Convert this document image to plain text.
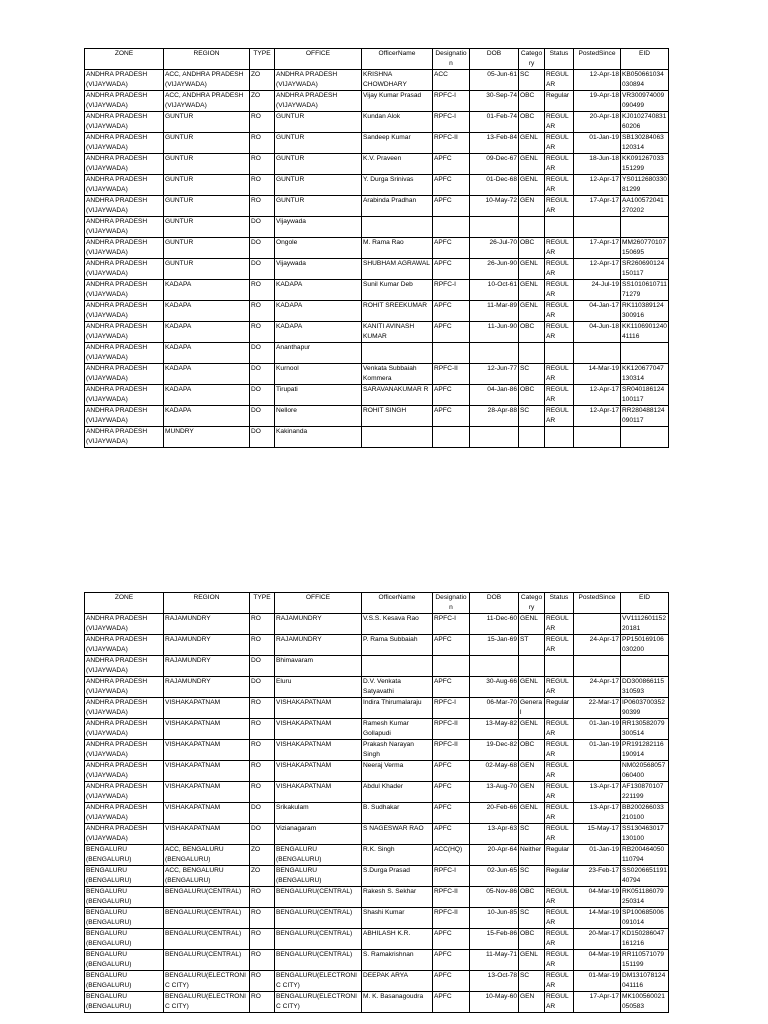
ZONE	REGION	TYPE	OFFICE	OfficerName	Designation	DOB	Category	Status	PostedSince	EID
ANDHRA PRADESH (VIJAYWADA)	ACC, ANDHRA PRADESH (VIJAYWADA)	ZO	ANDHRA PRADESH (VIJAYWADA)	KRISHNA CHOWDHARY	ACC	05-Jun-61	SC	REGULAR	12-Apr-18	KB050661034030894
ANDHRA PRADESH (VIJAYWADA)	ACC, ANDHRA PRADESH (VIJAYWADA)	ZO	ANDHRA PRADESH (VIJAYWADA)	Vijay Kumar Prasad	RPFC-I	30-Sep-74	OBC	Regular	19-Apr-18	VR300974009090499
ANDHRA PRADESH (VIJAYWADA)	GUNTUR	RO	GUNTUR	Kundan Alok	RPFC-I	01-Feb-74	OBC	REGULAR	20-Apr-18	KJ010274083160206
ANDHRA PRADESH (VIJAYWADA)	GUNTUR	RO	GUNTUR	Sandeep Kumar	RPFC-II	13-Feb-84	GENL	REGULAR	01-Jan-19	SB130284063120314
ANDHRA PRADESH (VIJAYWADA)	GUNTUR	RO	GUNTUR	K.V. Praveen	APFC	09-Dec-67	GENL	REGULAR	18-Jun-18	KK091267033151299
ANDHRA PRADESH (VIJAYWADA)	GUNTUR	RO	GUNTUR	Y. Durga Srinivas	APFC	01-Dec-68	GENL	REGULAR	12-Apr-17	YS011268033081299
ANDHRA PRADESH (VIJAYWADA)	GUNTUR	RO	GUNTUR	Arabinda Pradhan	APFC	10-May-72	GEN	REGULAR	17-Apr-17	AA100572041270202
ANDHRA PRADESH (VIJAYWADA)	GUNTUR	DO	Vijaywada							
ANDHRA PRADESH (VIJAYWADA)	GUNTUR	DO	Ongole	M. Rama Rao	APFC	26-Jul-70	OBC	REGULAR	17-Apr-17	MM260770107150695
ANDHRA PRADESH (VIJAYWADA)	GUNTUR	DO	Vijaywada	SHUBHAM AGRAWAL	APFC	26-Jun-90	GENL	REGULAR	12-Apr-17	SR260690124150117
ANDHRA PRADESH (VIJAYWADA)	KADAPA	RO	KADAPA	Sunil Kumar Deb	RPFC-I	10-Oct-61	GENL	REGULAR	24-Jul-19	SS101061071171279
ANDHRA PRADESH (VIJAYWADA)	KADAPA	RO	KADAPA	ROHIT SREEKUMAR	APFC	11-Mar-89	GENL	REGULAR	04-Jan-17	RK110389124300916
ANDHRA PRADESH (VIJAYWADA)	KADAPA	RO	KADAPA	KANITI AVINASH KUMAR	APFC	11-Jun-90	OBC	REGULAR	04-Jun-18	KK110690124041116
ANDHRA PRADESH (VIJAYWADA)	KADAPA	DO	Ananthapur							
ANDHRA PRADESH (VIJAYWADA)	KADAPA	DO	Kurnool	Venkata Subbaiah Kommera	RPFC-II	12-Jun-77	SC	REGULAR	14-Mar-19	KK120677047130314
ANDHRA PRADESH (VIJAYWADA)	KADAPA	DO	Tirupati	SARAVANAKUMAR R	APFC	04-Jan-86	OBC	REGULAR	12-Apr-17	SR040186124100117
ANDHRA PRADESH (VIJAYWADA)	KADAPA	DO	Nellore	ROHIT SINGH	APFC	28-Apr-88	SC	REGULAR	12-Apr-17	RR280488124090117
ANDHRA PRADESH (VIJAYWADA)	MUNDRY	DO	Kakinanda							
ZONE	REGION	TYPE	OFFICE	OfficerName	Designation	DOB	Category	Status	PostedSince	EID
ANDHRA PRADESH (VIJAYWADA)	RAJAMUNDRY	RO	RAJAMUNDRY	V.S.S. Kesava Rao	RPFC-I	11-Dec-60	GENL	REGULAR		VV111260115220181
ANDHRA PRADESH (VIJAYWADA)	RAJAMUNDRY	RO	RAJAMUNDRY	P. Rama Subbaiah	APFC	15-Jan-69	ST	REGULAR	24-Apr-17	PP150169106030200
ANDHRA PRADESH (VIJAYWADA)	RAJAMUNDRY	DO	Bhimavaram							
ANDHRA PRADESH (VIJAYWADA)	RAJAMUNDRY	DO	Eluru	D.V. Venkata Satyavathi	APFC	30-Aug-66	GENL	REGULAR	24-Apr-17	DD300866115310593
ANDHRA PRADESH (VIJAYWADA)	VISHAKAPATNAM	RO	VISHAKAPATNAM	Indira Thirumalaraju	RPFC-I	06-Mar-70	General	Regular	22-Mar-17	IP060370035290399
ANDHRA PRADESH (VIJAYWADA)	VISHAKAPATNAM	RO	VISHAKAPATNAM	Ramesh Kumar Gollapudi	RPFC-II	13-May-82	GENL	REGULAR	01-Jan-19	RR130582079300514
ANDHRA PRADESH (VIJAYWADA)	VISHAKAPATNAM	RO	VISHAKAPATNAM	Prakash Narayan Singh	RPFC-II	19-Dec-82	OBC	REGULAR	01-Jan-19	PR191282116190914
ANDHRA PRADESH (VIJAYWADA)	VISHAKAPATNAM	RO	VISHAKAPATNAM	Neeraj Verma	APFC	02-May-68	GEN	REGULAR		NM020568057060400
ANDHRA PRADESH (VIJAYWADA)	VISHAKAPATNAM	RO	VISHAKAPATNAM	Abdul Khader	APFC	13-Aug-70	GEN	REGULAR	13-Apr-17	AF130870107221199
ANDHRA PRADESH (VIJAYWADA)	VISHAKAPATNAM	DO	Srikakulam	B. Sudhakar	APFC	20-Feb-66	GENL	REGULAR	13-Apr-17	BB200266033210100
ANDHRA PRADESH (VIJAYWADA)	VISHAKAPATNAM	DO	Vizianagaram	S NAGESWAR RAO	APFC	13-Apr-63	SC	REGULAR	15-May-17	SS130463017130100
BENGALURU (BENGALURU)	ACC, BENGALURU (BENGALURU)	ZO	BENGALURU (BENGALURU)	R.K. Singh	ACC(HQ)	20-Apr-64	Neither	Regular	01-Jan-19	RB200464050110794
BENGALURU (BENGALURU)	ACC, BENGALURU (BENGALURU)	ZO	BENGALURU (BENGALURU)	S.Durga Prasad	RPFC-I	02-Jun-65	SC	Regular	23-Feb-17	SS020665119140794
BENGALURU (BENGALURU)	BENGALURU(CENTRAL)	RO	BENGALURU(CENTRAL)	Rakesh S. Sekhar	RPFC-II	05-Nov-86	OBC	REGULAR	04-Mar-19	RK051186079250314
BENGALURU (BENGALURU)	BENGALURU(CENTRAL)	RO	BENGALURU(CENTRAL)	Shashi Kumar	RPFC-II	10-Jun-85	SC	REGULAR	14-Mar-19	SP100685006091014
BENGALURU (BENGALURU)	BENGALURU(CENTRAL)	RO	BENGALURU(CENTRAL)	ABHILASH K.R.	APFC	15-Feb-86	OBC	REGULAR	20-Mar-17	KD150286047161216
BENGALURU (BENGALURU)	BENGALURU(CENTRAL)	RO	BENGALURU(CENTRAL)	S. Ramakrishnan	APFC	11-May-71	GENL	REGULAR	04-Mar-19	RR110571079151199
BENGALURU (BENGALURU)	BENGALURU(ELECTRONIC CITY)	RO	BENGALURU(ELECTRONIC CITY)	DEEPAK ARYA	APFC	13-Oct-78	SC	REGULAR	01-Mar-19	DM131078124041116
BENGALURU (BENGALURU)	BENGALURU(ELECTRONIC CITY)	RO	BENGALURU(ELECTRONIC CITY)	M. K. Basanagoudra	APFC	10-May-60	GEN	REGULAR	17-Apr-17	MK100560021050583
